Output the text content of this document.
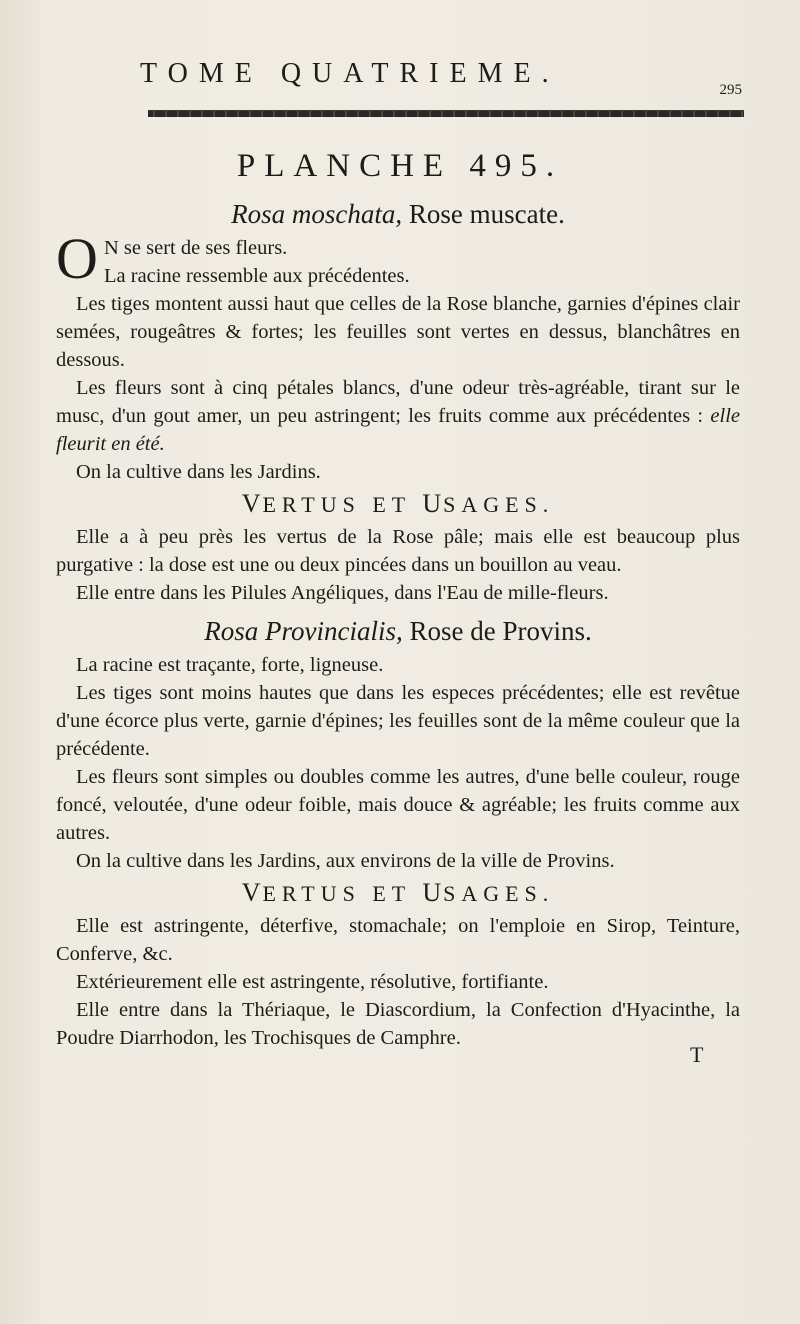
TOME QUATRIEME.
295
PLANCHE 495.
Rosa moschata, Rose muscate.

O N se sert de ses fleurs.
La racine ressemble aux précédentes.

Les tiges montent aussi haut que celles de la Rose blanche, garnies d'épines clair semées, rougeâtres & fortes; les feuilles sont vertes en dessus, blanchâtres en dessous.

Les fleurs sont à cinq pétales blancs, d'une odeur très-agréable, tirant sur le musc, d'un gout amer, un peu astringent; les fruits comme aux précédentes : elle fleurit en été.

On la cultive dans les Jardins.

VERTUS ET USAGES.

Elle a à peu près les vertus de la Rose pâle; mais elle est beaucoup plus purgative : la dose est une ou deux pincées dans un bouillon au veau.

Elle entre dans les Pilules Angéliques, dans l'Eau de mille-fleurs.

Rosa Provincialis, Rose de Provins.

La racine est traçante, forte, ligneuse.

Les tiges sont moins hautes que dans les especes précédentes; elle est revêtue d'une écorce plus verte, garnie d'épines; les feuilles sont de la même couleur que la précédente.

Les fleurs sont simples ou doubles comme les autres, d'une belle couleur, rouge foncé, veloutée, d'une odeur foible, mais douce & agréable; les fruits comme aux autres.

On la cultive dans les Jardins, aux environs de la ville de Provins.

VERTUS ET USAGES.

Elle est astringente, déterfive, stomachale; on l'emploie en Sirop, Teinture, Conferve, &c.

Extérieurement elle est astringente, résolutive, fortifiante.

Elle entre dans la Thériaque, le Diascordium, la Confection d'Hyacinthe, la Poudre Diarrhodon, les Trochisques de Camphre.

T
